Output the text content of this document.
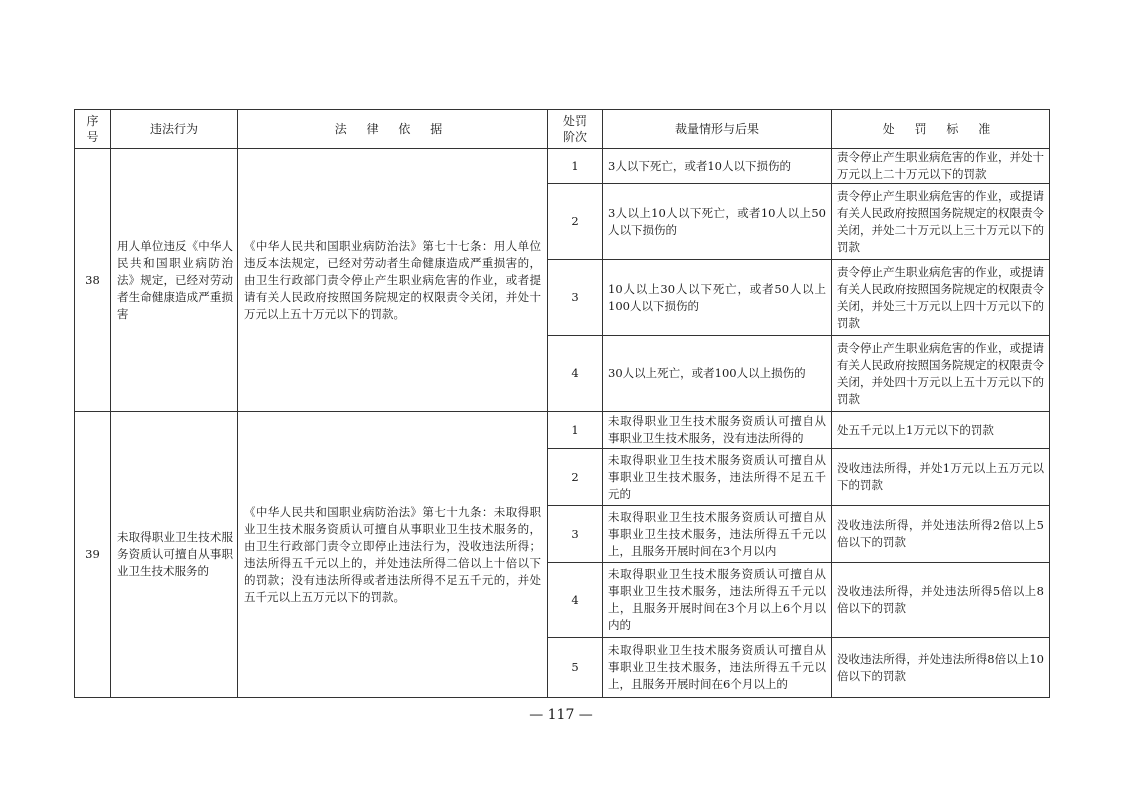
序号	违法行为	法 律 依 据	处罚阶次	裁量情形与后果	处 罚 标 准
38	用人单位违反《中华人民共和国职业病防治法》规定，已经对劳动者生命健康造成严重损害	《中华人民共和国职业病防治法》第七十七条：用人单位违反本法规定，已经对劳动者生命健康造成严重损害的，由卫生行政部门责令停止产生职业病危害的作业，或者提请有关人民政府按照国务院规定的权限责令关闭，并处十万元以上五十万元以下的罚款。	1	3人以下死亡，或者10人以下损伤的	责令停止产生职业病危害的作业，并处十万元以上二十万元以下的罚款
			2	3人以上10人以下死亡，或者10人以上50人以下损伤的	责令停止产生职业病危害的作业，或提请有关人民政府按照国务院规定的权限责令关闭，并处二十万元以上三十万元以下的罚款
			3	10人以上30人以下死亡，或者50人以上100人以下损伤的	责令停止产生职业病危害的作业，或提请有关人民政府按照国务院规定的权限责令关闭，并处三十万元以上四十万元以下的罚款
			4	30人以上死亡，或者100人以上损伤的	责令停止产生职业病危害的作业，或提请有关人民政府按照国务院规定的权限责令关闭，并处四十万元以上五十万元以下的罚款
39	未取得职业卫生技术服务资质认可擅自从事职业卫生技术服务的	《中华人民共和国职业病防治法》第七十九条：未取得职业卫生技术服务资质认可擅自从事职业卫生技术服务的，由卫生行政部门责令立即停止违法行为，没收违法所得；违法所得五千元以上的，并处违法所得二倍以上十倍以下的罚款；没有违法所得或者违法所得不足五千元的，并处五千元以上五万元以下的罚款。	1	未取得职业卫生技术服务资质认可擅自从事职业卫生技术服务，没有违法所得的	处五千元以上1万元以下的罚款
			2	未取得职业卫生技术服务资质认可擅自从事职业卫生技术服务，违法所得不足五千元的	没收违法所得，并处1万元以上五万元以下的罚款
			3	未取得职业卫生技术服务资质认可擅自从事职业卫生技术服务，违法所得五千元以上，且服务开展时间在3个月以内	没收违法所得，并处违法所得2倍以上5倍以下的罚款
			4	未取得职业卫生技术服务资质认可擅自从事职业卫生技术服务，违法所得五千元以上，且服务开展时间在3个月以上6个月以内的	没收违法所得，并处违法所得5倍以上8倍以下的罚款
			5	未取得职业卫生技术服务资质认可擅自从事职业卫生技术服务，违法所得五千元以上，且服务开展时间在6个月以上的	没收违法所得，并处违法所得8倍以上10倍以下的罚款
— 117 —
